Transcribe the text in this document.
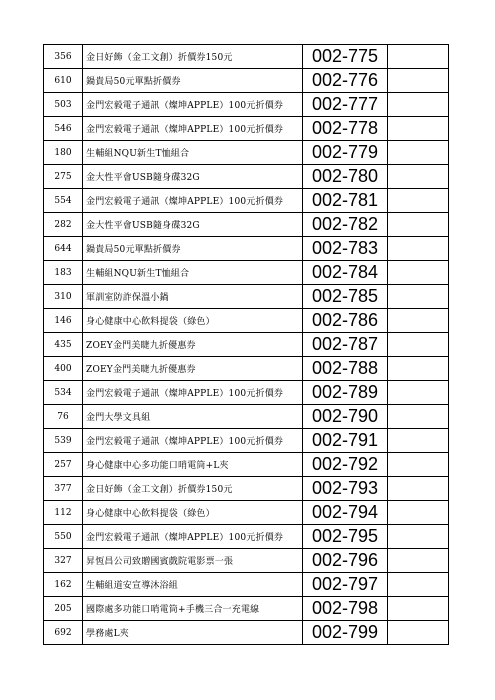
356	金日好飾（金工文創）折價券150元	002-775	
610	鍋貴局50元單點折價券	002-776	
503	金門宏毅電子通訊（燦坤APPLE）100元折價券	002-777	
546	金門宏毅電子通訊（燦坤APPLE）100元折價券	002-778	
180	生輔組NQU新生T恤組合	002-779	
275	金大性平會USB隨身碟32G	002-780	
554	金門宏毅電子通訊（燦坤APPLE）100元折價券	002-781	
282	金大性平會USB隨身碟32G	002-782	
644	鍋貴局50元單點折價券	002-783	
183	生輔組NQU新生T恤組合	002-784	
310	軍訓室防詐保溫小鍋	002-785	
146	身心健康中心飲料提袋（綠色）	002-786	
435	ZOEY金門美睫九折優惠券	002-787	
400	ZOEY金門美睫九折優惠券	002-788	
534	金門宏毅電子通訊（燦坤APPLE）100元折價券	002-789	
76	金門大學文具組	002-790	
539	金門宏毅電子通訊（燦坤APPLE）100元折價券	002-791	
257	身心健康中心多功能口哨電筒+L夾	002-792	
377	金日好飾（金工文創）折價券150元	002-793	
112	身心健康中心飲料提袋（綠色）	002-794	
550	金門宏毅電子通訊（燦坤APPLE）100元折價券	002-795	
327	昇恆昌公司致贈國賓戲院電影票一張	002-796	
162	生輔組道安宣導沐浴組	002-797	
205	國際處多功能口哨電筒+手機三合一充電線	002-798	
692	學務處L夾	002-799	
